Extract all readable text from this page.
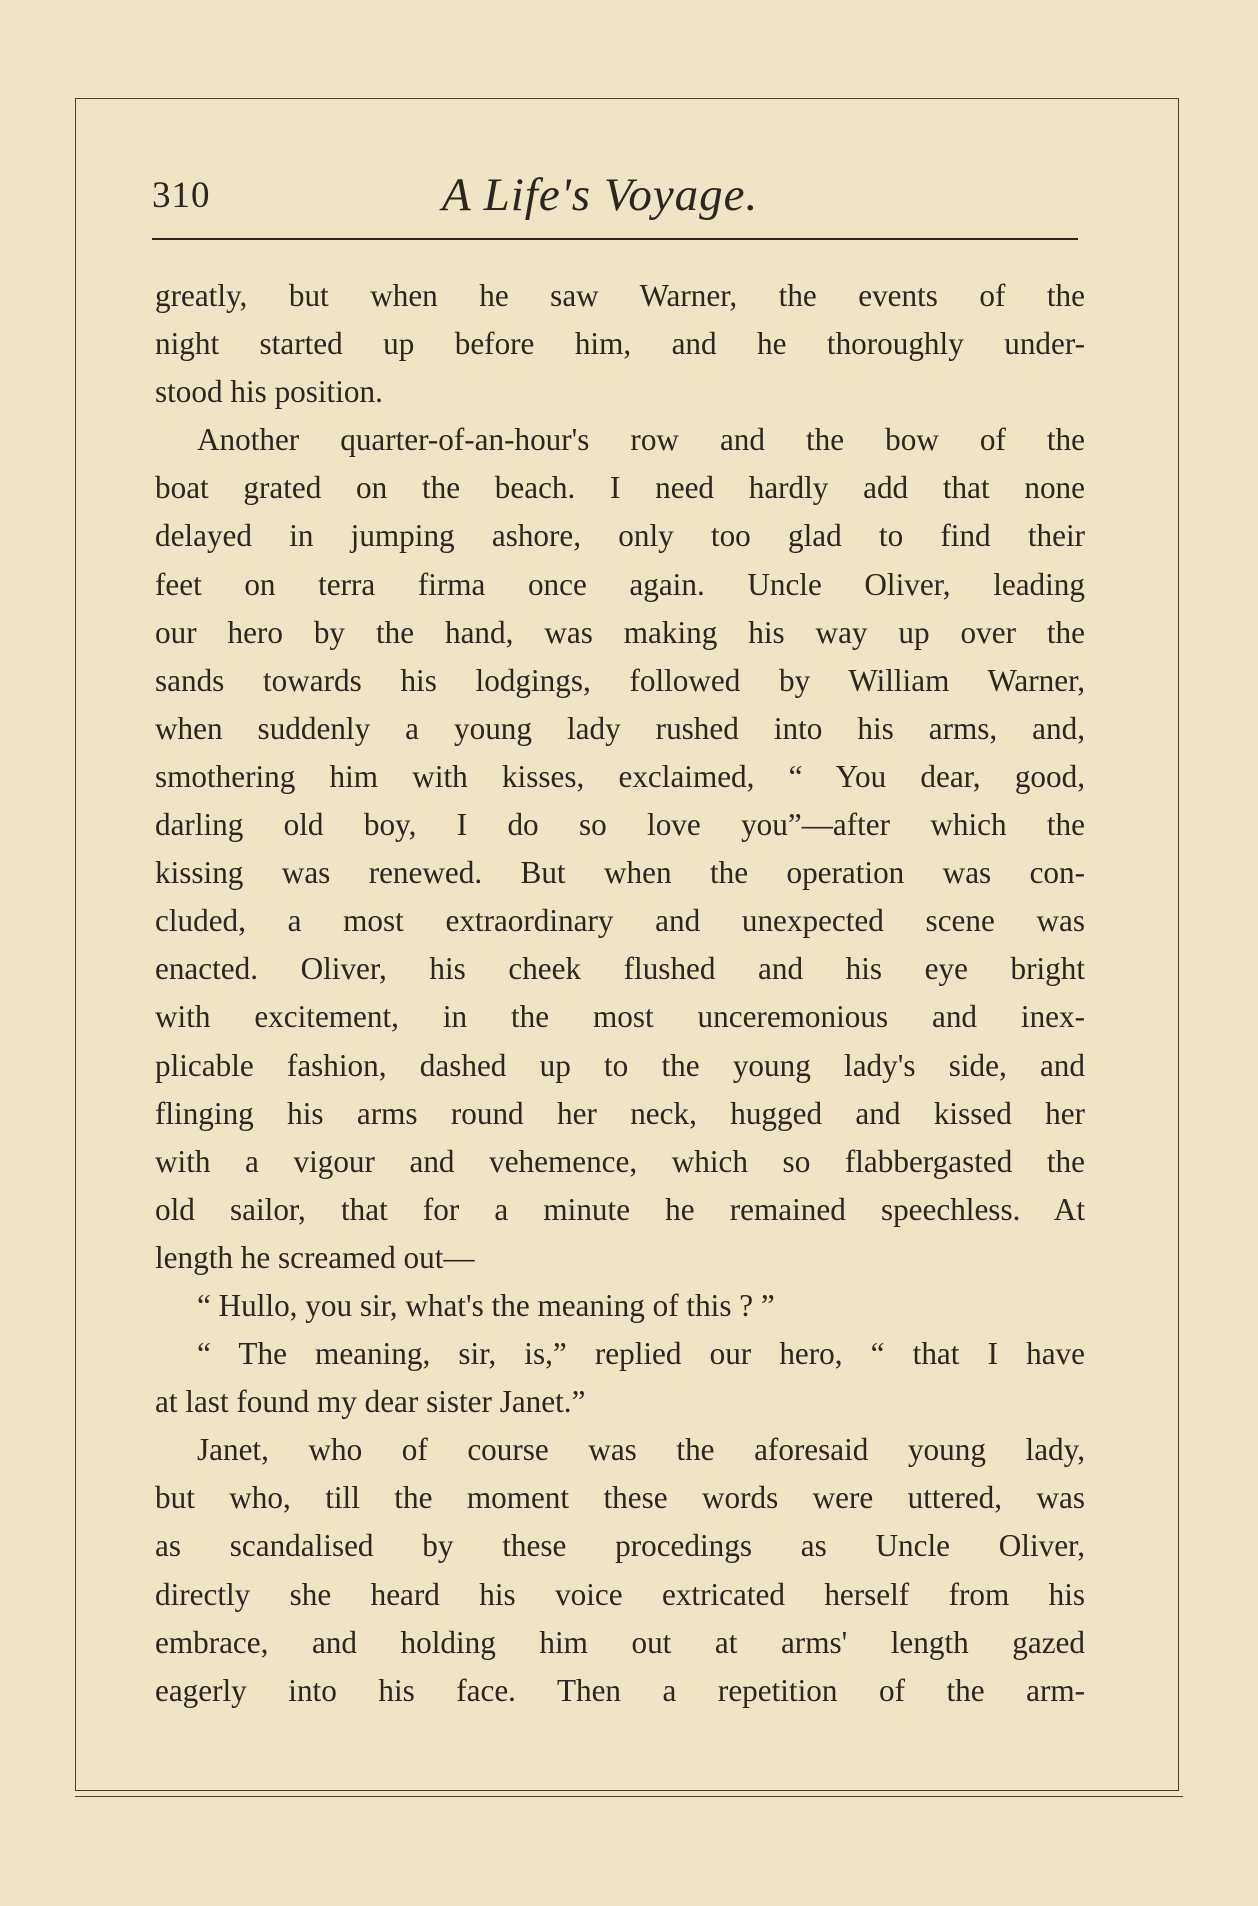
310	A Life's Voyage.
greatly, but when he saw Warner, the events of the
night started up before him, and he thoroughly under-
stood his position.
Another quarter-of-an-hour's row and the bow of the
boat grated on the beach. I need hardly add that none
delayed in jumping ashore, only too glad to find their
feet on terra firma once again. Uncle Oliver, leading
our hero by the hand, was making his way up over the
sands towards his lodgings, followed by William Warner,
when suddenly a young lady rushed into his arms, and,
smothering him with kisses, exclaimed, “ You dear, good,
darling old boy, I do so love you”—after which the
kissing was renewed. But when the operation was con-
cluded, a most extraordinary and unexpected scene was
enacted. Oliver, his cheek flushed and his eye bright
with excitement, in the most unceremonious and inex-
plicable fashion, dashed up to the young lady's side, and
flinging his arms round her neck, hugged and kissed her
with a vigour and vehemence, which so flabbergasted the
old sailor, that for a minute he remained speechless. At
length he screamed out—
“ Hullo, you sir, what's the meaning of this ? ”
“ The meaning, sir, is,” replied our hero, “ that I have
at last found my dear sister Janet.”
Janet, who of course was the aforesaid young lady,
but who, till the moment these words were uttered, was
as scandalised by these procedings as Uncle Oliver,
directly she heard his voice extricated herself from his
embrace, and holding him out at arms' length gazed
eagerly into his face. Then a repetition of the arm-
